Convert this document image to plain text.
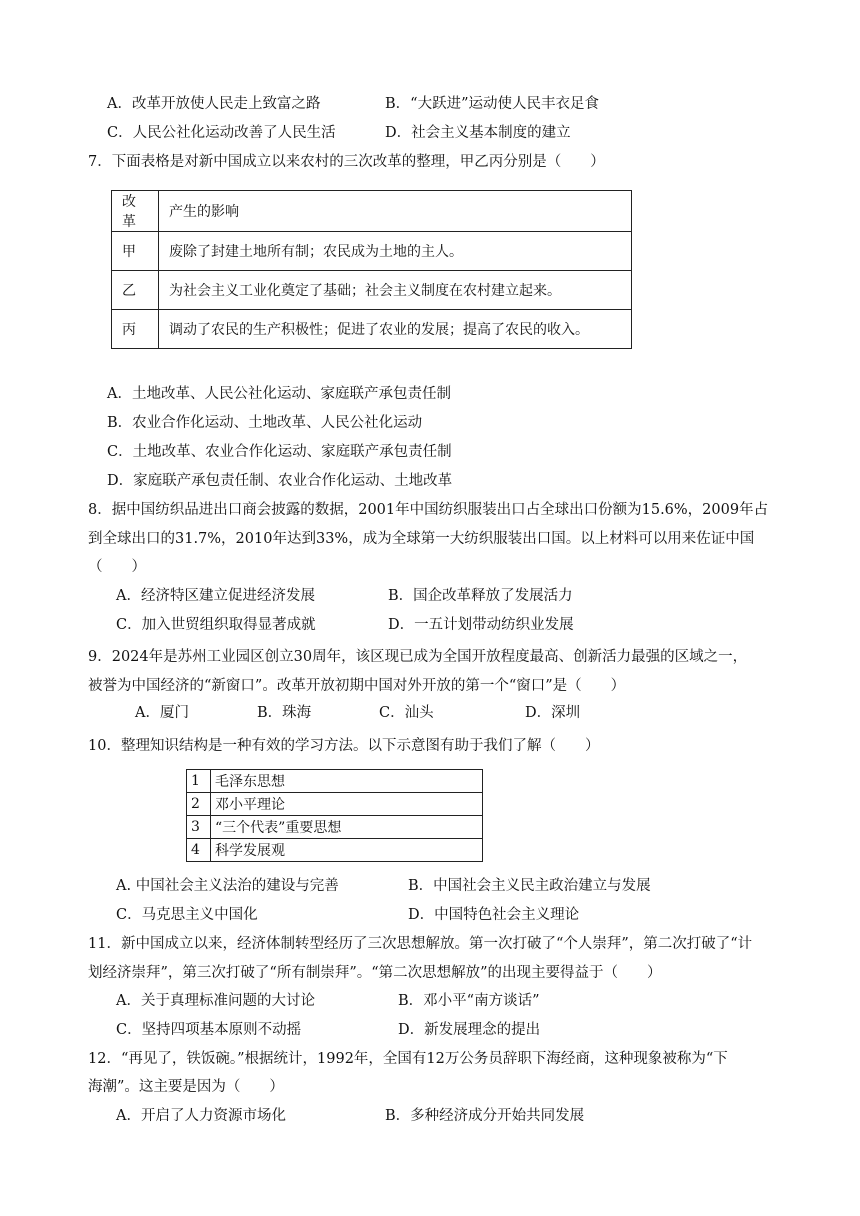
A．改革开放使人民走上致富之路	B．“大跃进”运动使人民丰衣足食
C．人民公社化运动改善了人民生活	D．社会主义基本制度的建立
7．下面表格是对新中国成立以来农村的三次改革的整理，甲乙丙分别是（　　）
改革	产生的影响
甲	废除了封建土地所有制；农民成为土地的主人。
乙	为社会主义工业化奠定了基础；社会主义制度在农村建立起来。
丙	调动了农民的生产积极性；促进了农业的发展；提高了农民的收入。
A．土地改革、人民公社化运动、家庭联产承包责任制
B．农业合作化运动、土地改革、人民公社化运动
C．土地改革、农业合作化运动、家庭联产承包责任制
D．家庭联产承包责任制、农业合作化运动、土地改革
8．据中国纺织品进出口商会披露的数据，2001年中国纺织服装出口占全球出口份额为15.6%，2009年占
到全球出口的31.7%，2010年达到33%，成为全球第一大纺织服装出口国。以上材料可以用来佐证中国
（　　）
A．经济特区建立促进经济发展	B．国企改革释放了发展活力
C．加入世贸组织取得显著成就	D．一五计划带动纺织业发展
9．2024年是苏州工业园区创立30周年，该区现已成为全国开放程度最高、创新活力最强的区域之一，
被誉为中国经济的“新窗口”。改革开放初期中国对外开放的第一个“窗口”是（　　）
A．厦门	B．珠海	C．汕头	D．深圳
10．整理知识结构是一种有效的学习方法。以下示意图有助于我们了解（　　）
1	毛泽东思想
2	邓小平理论
3	“三个代表”重要思想
4	科学发展观
A. 中国社会主义法治的建设与完善	B．中国社会主义民主政治建立与发展
C．马克思主义中国化	D．中国特色社会主义理论
11．新中国成立以来，经济体制转型经历了三次思想解放。第一次打破了“个人崇拜”，第二次打破了“计
划经济崇拜”，第三次打破了“所有制崇拜”。“第二次思想解放”的出现主要得益于（　　）
A．关于真理标准问题的大讨论	B．邓小平“南方谈话”
C．坚持四项基本原则不动摇	D．新发展理念的提出
12．“再见了，铁饭碗。”根据统计，1992年，全国有12万公务员辞职下海经商，这种现象被称为“下
海潮”。这主要是因为（　　）
A．开启了人力资源市场化	B．多种经济成分开始共同发展
